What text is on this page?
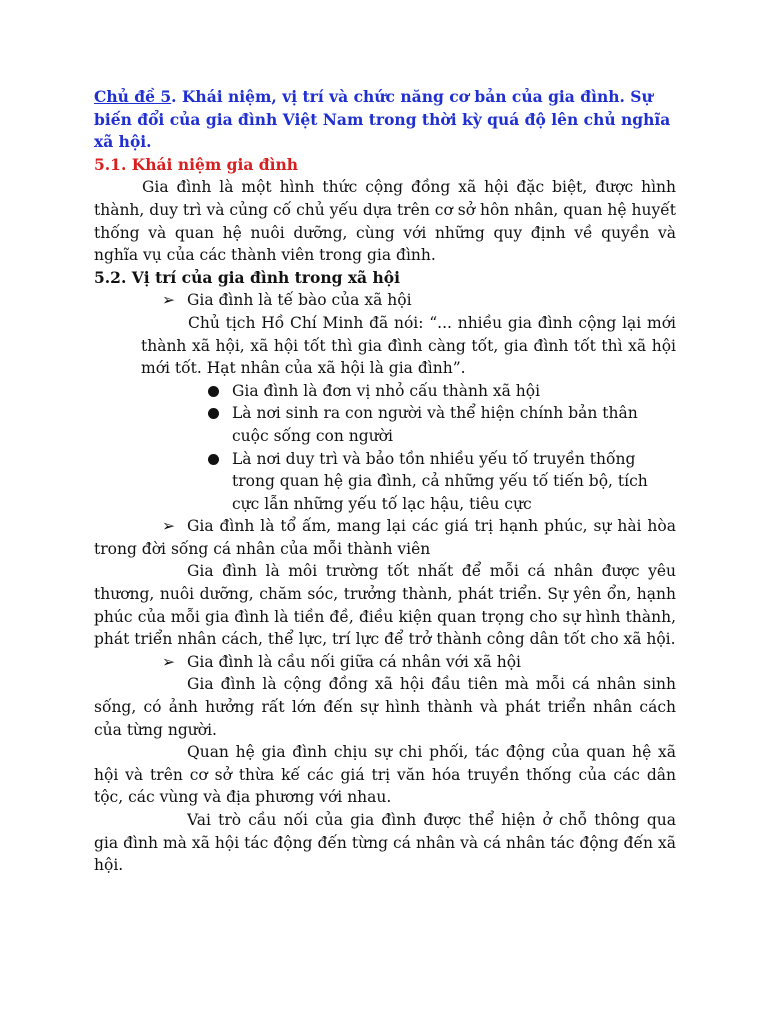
Chủ đề 5. Khái niệm, vị trí và chức năng cơ bản của gia đình. Sự biến đổi của gia đình Việt Nam trong thời kỳ quá độ lên chủ nghĩa xã hội.

5.1. Khái niệm gia đình

Gia đình là một hình thức cộng đồng xã hội đặc biệt, được hình thành, duy trì và củng cố chủ yếu dựa trên cơ sở hôn nhân, quan hệ huyết thống và quan hệ nuôi dưỡng, cùng với những quy định về quyền và nghĩa vụ của các thành viên trong gia đình.

5.2. Vị trí của gia đình trong xã hội

➢ Gia đình là tế bào của xã hội

Chủ tịch Hồ Chí Minh đã nói: “... nhiều gia đình cộng lại mới thành xã hội, xã hội tốt thì gia đình càng tốt, gia đình tốt thì xã hội mới tốt. Hạt nhân của xã hội là gia đình”.

Gia đình là đơn vị nhỏ cấu thành xã hội
Là nơi sinh ra con người và thể hiện chính bản thân cuộc sống con người
Là nơi duy trì và bảo tồn nhiều yếu tố truyền thống trong quan hệ gia đình, cả những yếu tố tiến bộ, tích cực lẫn những yếu tố lạc hậu, tiêu cực
➢ Gia đình là tổ ấm, mang lại các giá trị hạnh phúc, sự hài hòa trong đời sống cá nhân của mỗi thành viên

Gia đình là môi trường tốt nhất để mỗi cá nhân được yêu thương, nuôi dưỡng, chăm sóc, trưởng thành, phát triển. Sự yên ổn, hạnh phúc của mỗi gia đình là tiền đề, điều kiện quan trọng cho sự hình thành, phát triển nhân cách, thể lực, trí lực để trở thành công dân tốt cho xã hội.

➢ Gia đình là cầu nối giữa cá nhân với xã hội

Gia đình là cộng đồng xã hội đầu tiên mà mỗi cá nhân sinh sống, có ảnh hưởng rất lớn đến sự hình thành và phát triển nhân cách của từng người.

Quan hệ gia đình chịu sự chi phối, tác động của quan hệ xã hội và trên cơ sở thừa kế các giá trị văn hóa truyền thống của các dân tộc, các vùng và địa phương với nhau.

Vai trò cầu nối của gia đình được thể hiện ở chỗ thông qua gia đình mà xã hội tác động đến từng cá nhân và cá nhân tác động đến xã hội.
